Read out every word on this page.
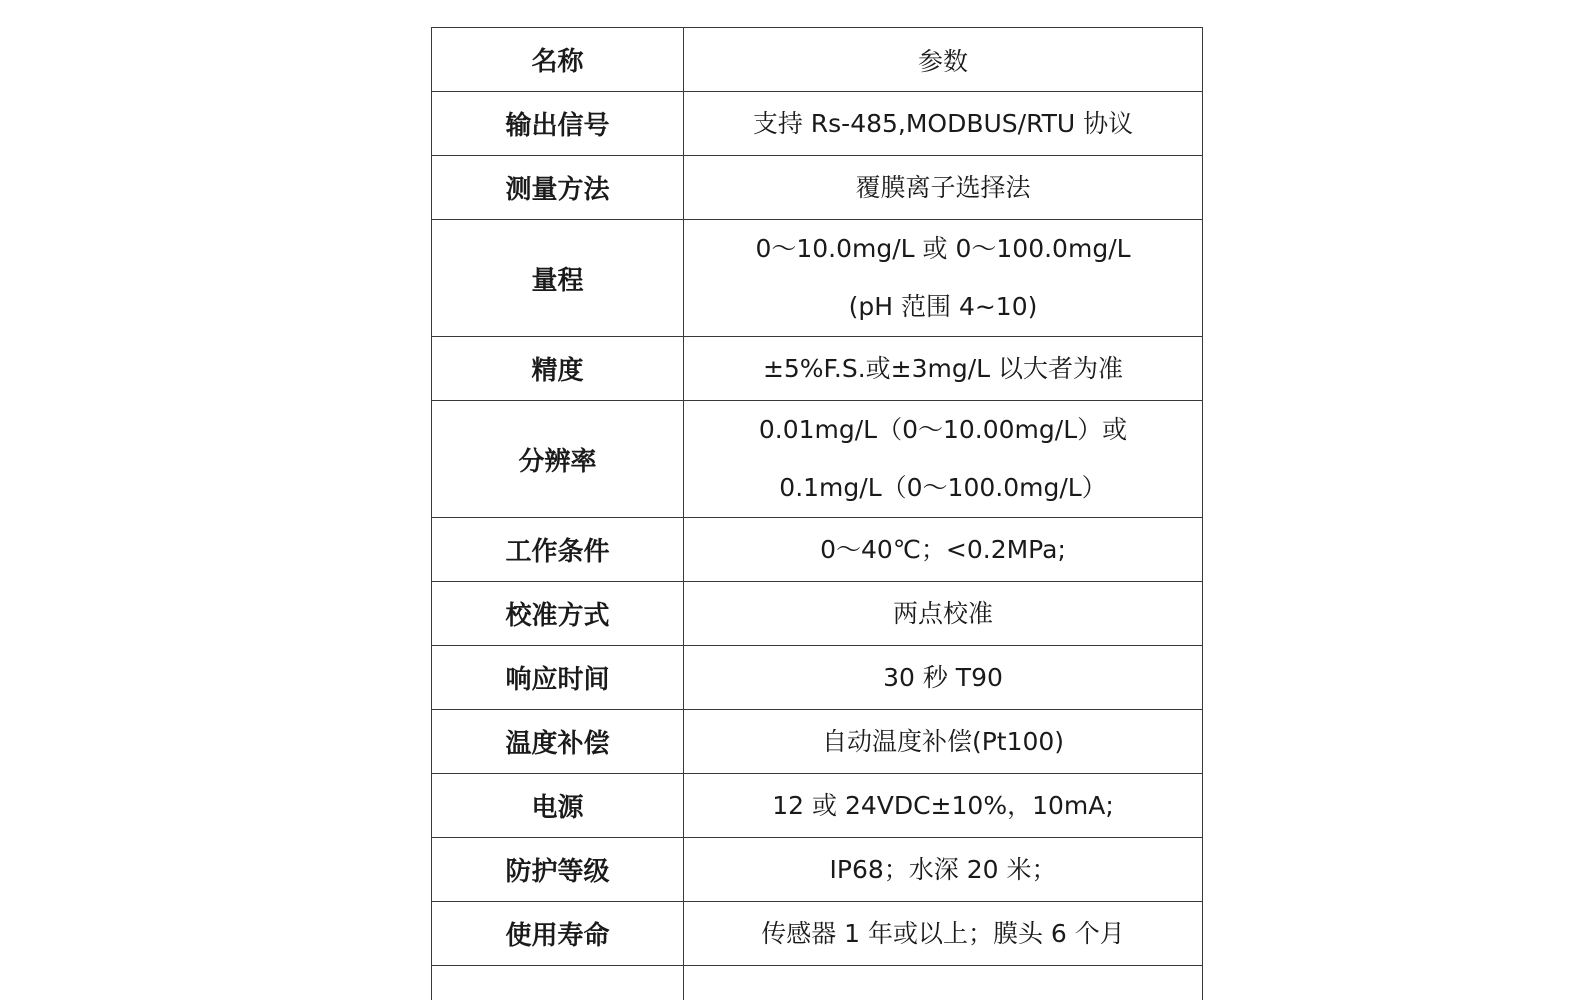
名称	参数
输出信号	支持 Rs-485,MODBUS/RTU 协议

测量方法	覆膜离子选择法

量程	0～10.0mg/L 或 0～100.0mg/L
(pH 范围 4~10)

精度	±5%F.S.或±3mg/L 以大者为准

分辨率	0.01mg/L（0～10.00mg/L）或
0.1mg/L（0～100.0mg/L）

工作条件	0～40℃；<0.2MPa;

校准方式	两点校准

响应时间	30 秒 T90

温度补偿	自动温度补偿(Pt100)

电源	12 或 24VDC±10%，10mA;

防护等级	IP68；水深 20 米；

使用寿命	传感器 1 年或以上；膜头 6 个月
